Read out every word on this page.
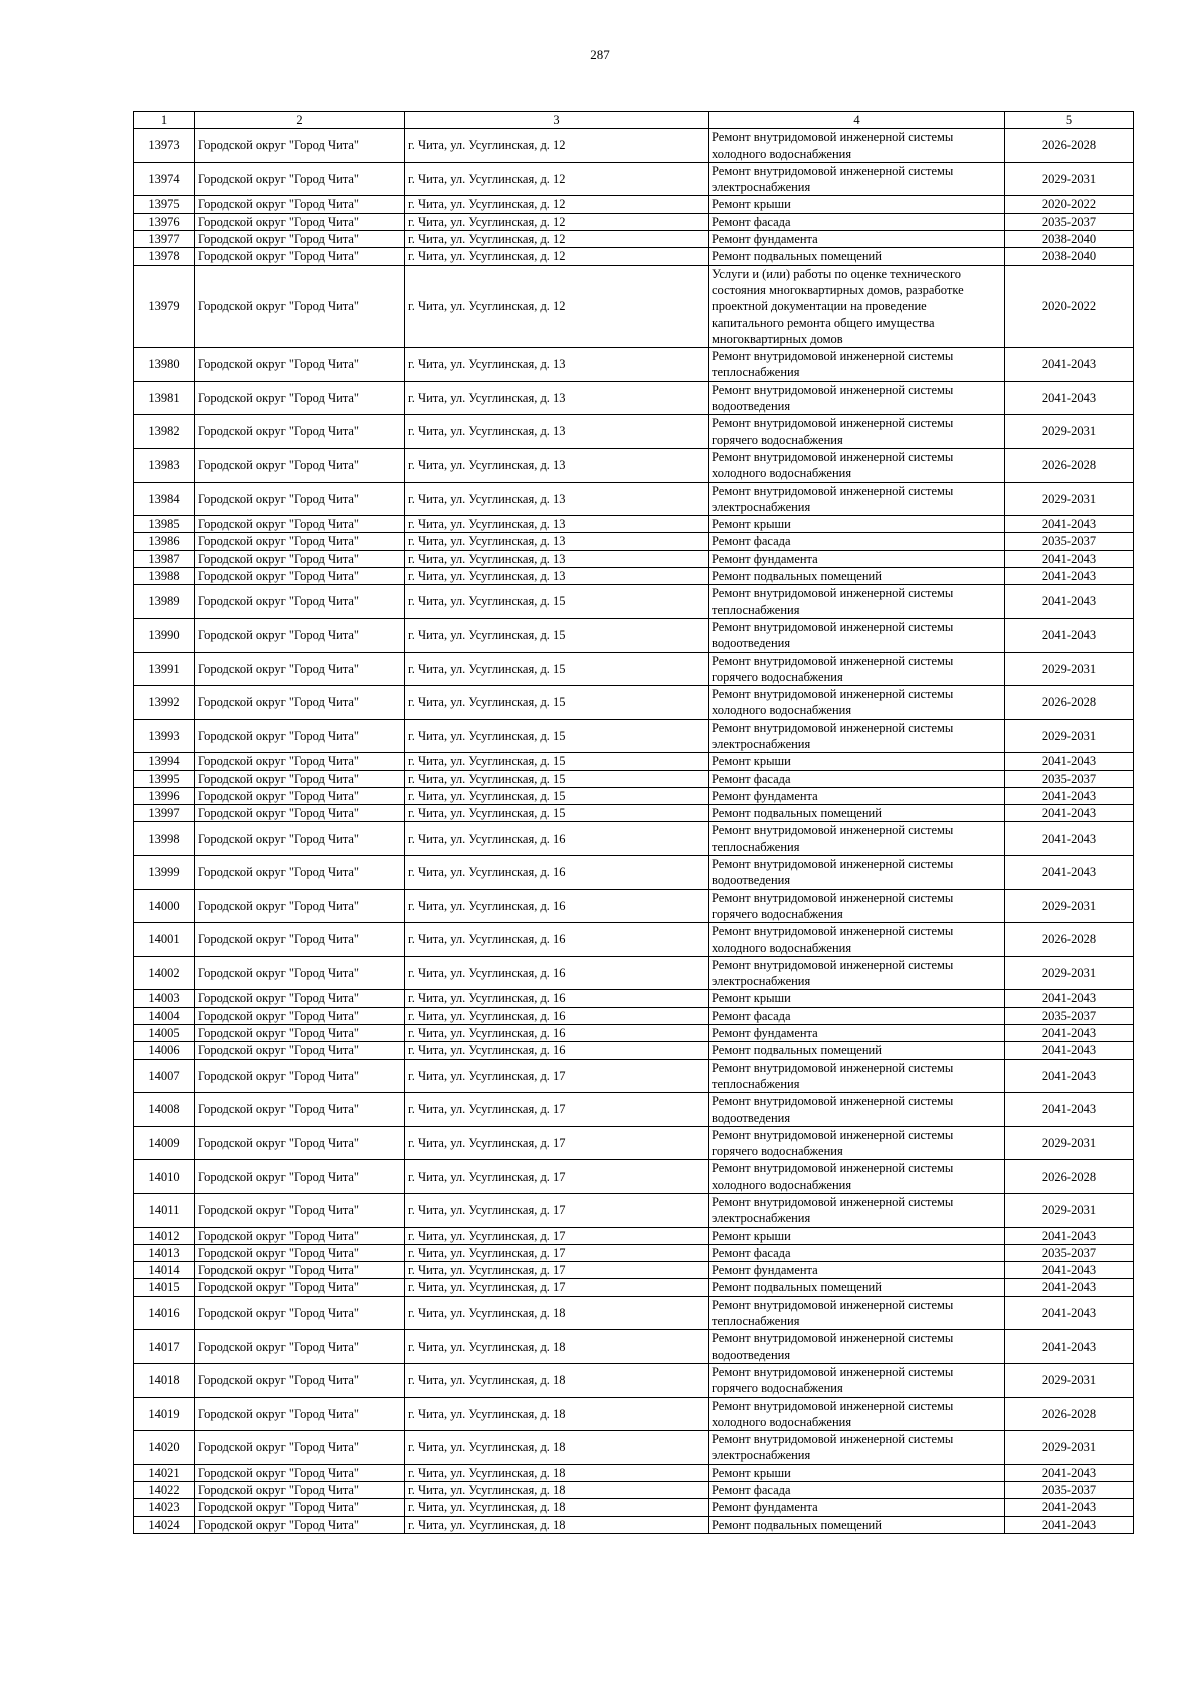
287
1	2	3	4	5
13973	Городской округ "Город Чита"	г. Чита, ул. Усуглинская, д. 12	Ремонт внутридомовой инженерной системы холодного водоснабжения	2026-2028
13974	Городской округ "Город Чита"	г. Чита, ул. Усуглинская, д. 12	Ремонт внутридомовой инженерной системы электроснабжения	2029-2031
13975	Городской округ "Город Чита"	г. Чита, ул. Усуглинская, д. 12	Ремонт крыши	2020-2022
13976	Городской округ "Город Чита"	г. Чита, ул. Усуглинская, д. 12	Ремонт фасада	2035-2037
13977	Городской округ "Город Чита"	г. Чита, ул. Усуглинская, д. 12	Ремонт фундамента	2038-2040
13978	Городской округ "Город Чита"	г. Чита, ул. Усуглинская, д. 12	Ремонт подвальных помещений	2038-2040
13979	Городской округ "Город Чита"	г. Чита, ул. Усуглинская, д. 12	Услуги и (или) работы по оценке технического состояния многоквартирных домов, разработке проектной документации на проведение капитального ремонта общего имущества многоквартирных домов	2020-2022
13980	Городской округ "Город Чита"	г. Чита, ул. Усуглинская, д. 13	Ремонт внутридомовой инженерной системы теплоснабжения	2041-2043
13981	Городской округ "Город Чита"	г. Чита, ул. Усуглинская, д. 13	Ремонт внутридомовой инженерной системы водоотведения	2041-2043
13982	Городской округ "Город Чита"	г. Чита, ул. Усуглинская, д. 13	Ремонт внутридомовой инженерной системы горячего водоснабжения	2029-2031
13983	Городской округ "Город Чита"	г. Чита, ул. Усуглинская, д. 13	Ремонт внутридомовой инженерной системы холодного водоснабжения	2026-2028
13984	Городской округ "Город Чита"	г. Чита, ул. Усуглинская, д. 13	Ремонт внутридомовой инженерной системы электроснабжения	2029-2031
13985	Городской округ "Город Чита"	г. Чита, ул. Усуглинская, д. 13	Ремонт крыши	2041-2043
13986	Городской округ "Город Чита"	г. Чита, ул. Усуглинская, д. 13	Ремонт фасада	2035-2037
13987	Городской округ "Город Чита"	г. Чита, ул. Усуглинская, д. 13	Ремонт фундамента	2041-2043
13988	Городской округ "Город Чита"	г. Чита, ул. Усуглинская, д. 13	Ремонт подвальных помещений	2041-2043
13989	Городской округ "Город Чита"	г. Чита, ул. Усуглинская, д. 15	Ремонт внутридомовой инженерной системы теплоснабжения	2041-2043
13990	Городской округ "Город Чита"	г. Чита, ул. Усуглинская, д. 15	Ремонт внутридомовой инженерной системы водоотведения	2041-2043
13991	Городской округ "Город Чита"	г. Чита, ул. Усуглинская, д. 15	Ремонт внутридомовой инженерной системы горячего водоснабжения	2029-2031
13992	Городской округ "Город Чита"	г. Чита, ул. Усуглинская, д. 15	Ремонт внутридомовой инженерной системы холодного водоснабжения	2026-2028
13993	Городской округ "Город Чита"	г. Чита, ул. Усуглинская, д. 15	Ремонт внутридомовой инженерной системы электроснабжения	2029-2031
13994	Городской округ "Город Чита"	г. Чита, ул. Усуглинская, д. 15	Ремонт крыши	2041-2043
13995	Городской округ "Город Чита"	г. Чита, ул. Усуглинская, д. 15	Ремонт фасада	2035-2037
13996	Городской округ "Город Чита"	г. Чита, ул. Усуглинская, д. 15	Ремонт фундамента	2041-2043
13997	Городской округ "Город Чита"	г. Чита, ул. Усуглинская, д. 15	Ремонт подвальных помещений	2041-2043
13998	Городской округ "Город Чита"	г. Чита, ул. Усуглинская, д. 16	Ремонт внутридомовой инженерной системы теплоснабжения	2041-2043
13999	Городской округ "Город Чита"	г. Чита, ул. Усуглинская, д. 16	Ремонт внутридомовой инженерной системы водоотведения	2041-2043
14000	Городской округ "Город Чита"	г. Чита, ул. Усуглинская, д. 16	Ремонт внутридомовой инженерной системы горячего водоснабжения	2029-2031
14001	Городской округ "Город Чита"	г. Чита, ул. Усуглинская, д. 16	Ремонт внутридомовой инженерной системы холодного водоснабжения	2026-2028
14002	Городской округ "Город Чита"	г. Чита, ул. Усуглинская, д. 16	Ремонт внутридомовой инженерной системы электроснабжения	2029-2031
14003	Городской округ "Город Чита"	г. Чита, ул. Усуглинская, д. 16	Ремонт крыши	2041-2043
14004	Городской округ "Город Чита"	г. Чита, ул. Усуглинская, д. 16	Ремонт фасада	2035-2037
14005	Городской округ "Город Чита"	г. Чита, ул. Усуглинская, д. 16	Ремонт фундамента	2041-2043
14006	Городской округ "Город Чита"	г. Чита, ул. Усуглинская, д. 16	Ремонт подвальных помещений	2041-2043
14007	Городской округ "Город Чита"	г. Чита, ул. Усуглинская, д. 17	Ремонт внутридомовой инженерной системы теплоснабжения	2041-2043
14008	Городской округ "Город Чита"	г. Чита, ул. Усуглинская, д. 17	Ремонт внутридомовой инженерной системы водоотведения	2041-2043
14009	Городской округ "Город Чита"	г. Чита, ул. Усуглинская, д. 17	Ремонт внутридомовой инженерной системы горячего водоснабжения	2029-2031
14010	Городской округ "Город Чита"	г. Чита, ул. Усуглинская, д. 17	Ремонт внутридомовой инженерной системы холодного водоснабжения	2026-2028
14011	Городской округ "Город Чита"	г. Чита, ул. Усуглинская, д. 17	Ремонт внутридомовой инженерной системы электроснабжения	2029-2031
14012	Городской округ "Город Чита"	г. Чита, ул. Усуглинская, д. 17	Ремонт крыши	2041-2043
14013	Городской округ "Город Чита"	г. Чита, ул. Усуглинская, д. 17	Ремонт фасада	2035-2037
14014	Городской округ "Город Чита"	г. Чита, ул. Усуглинская, д. 17	Ремонт фундамента	2041-2043
14015	Городской округ "Город Чита"	г. Чита, ул. Усуглинская, д. 17	Ремонт подвальных помещений	2041-2043
14016	Городской округ "Город Чита"	г. Чита, ул. Усуглинская, д. 18	Ремонт внутридомовой инженерной системы теплоснабжения	2041-2043
14017	Городской округ "Город Чита"	г. Чита, ул. Усуглинская, д. 18	Ремонт внутридомовой инженерной системы водоотведения	2041-2043
14018	Городской округ "Город Чита"	г. Чита, ул. Усуглинская, д. 18	Ремонт внутридомовой инженерной системы горячего водоснабжения	2029-2031
14019	Городской округ "Город Чита"	г. Чита, ул. Усуглинская, д. 18	Ремонт внутридомовой инженерной системы холодного водоснабжения	2026-2028
14020	Городской округ "Город Чита"	г. Чита, ул. Усуглинская, д. 18	Ремонт внутридомовой инженерной системы электроснабжения	2029-2031
14021	Городской округ "Город Чита"	г. Чита, ул. Усуглинская, д. 18	Ремонт крыши	2041-2043
14022	Городской округ "Город Чита"	г. Чита, ул. Усуглинская, д. 18	Ремонт фасада	2035-2037
14023	Городской округ "Город Чита"	г. Чита, ул. Усуглинская, д. 18	Ремонт фундамента	2041-2043
14024	Городской округ "Город Чита"	г. Чита, ул. Усуглинская, д. 18	Ремонт подвальных помещений	2041-2043
